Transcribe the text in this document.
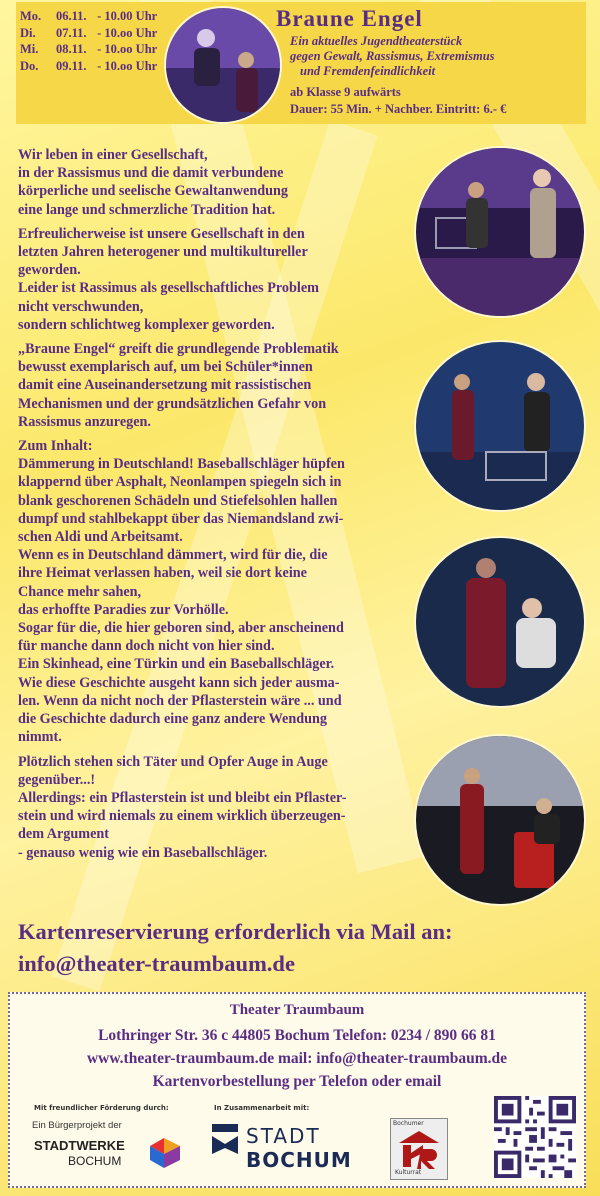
Mo. 06.11. - 10.00 Uhr
Di. 07.11. - 10.oo Uhr
Mi. 08.11. - 10.oo Uhr
Do. 09.11. - 10.oo Uhr
Braune Engel
Ein aktuelles Jugendtheaterstück
gegen Gewalt, Rassismus, Extremismus
und Fremdenfeindlichkeit
ab Klasse 9 aufwärts
Dauer: 55 Min. + Nachber. Eintritt: 6.- €

Wir leben in einer Gesellschaft,
in der Rassismus und die damit verbundene
körperliche und seelische Gewaltanwendung
eine lange und schmerzliche Tradition hat.

Erfreulicherweise ist unsere Gesellschaft in den
letzten Jahren heterogener und multikultureller
geworden.
Leider ist Rassimus als gesellschaftliches Problem
nicht verschwunden,
sondern schlichtweg komplexer geworden.

„Braune Engel“ greift die grundlegende Problematik
bewusst exemplarisch auf, um bei Schüler*innen
damit eine Auseinandersetzung mit rassistischen
Mechanismen und der grundsätzlichen Gefahr von
Rassismus anzuregen.

Zum Inhalt:
Dämmerung in Deutschland! Baseballschläger hüpfen
klappernd über Asphalt, Neonlampen spiegeln sich in
blank geschorenen Schädeln und Stiefelsohlen hallen
dumpf und stahlbekappt über das Niemandsland zwi-
schen Aldi und Arbeitsamt.
Wenn es in Deutschland dämmert, wird für die, die
ihre Heimat verlassen haben, weil sie dort keine
Chance mehr sahen,
das erhoffte Paradies zur Vorhölle.
Sogar für die, die hier geboren sind, aber anscheinend
für manche dann doch nicht von hier sind.
Ein Skinhead, eine Türkin und ein Baseballschläger.
Wie diese Geschichte ausgeht kann sich jeder ausma-
len. Wenn da nicht noch der Pflasterstein wäre ... und
die Geschichte dadurch eine ganz andere Wendung
nimmt.

Plötzlich stehen sich Täter und Opfer Auge in Auge
gegenüber...!
Allerdings: ein Pflasterstein ist und bleibt ein Pflaster-
stein und wird niemals zu einem wirklich überzeugen-
dem Argument
- genauso wenig wie ein Baseballschläger.

Kartenreservierung erforderlich via Mail an:
info@theater-traumbaum.de
Theater Traumbaum
Lothringer Str. 36 c 44805 Bochum Telefon: 0234 / 890 66 81
www.theater-traumbaum.de mail: info@theater-traumbaum.de
Kartenvorbestellung per Telefon oder email
Mit freundlicher Förderung durch:	In Zusammenarbeit mit:
Ein Bürgerprojekt der
STADTWERKE
BOCHUM
STADT
BOCHUM
Bochumer
Kulturrat
